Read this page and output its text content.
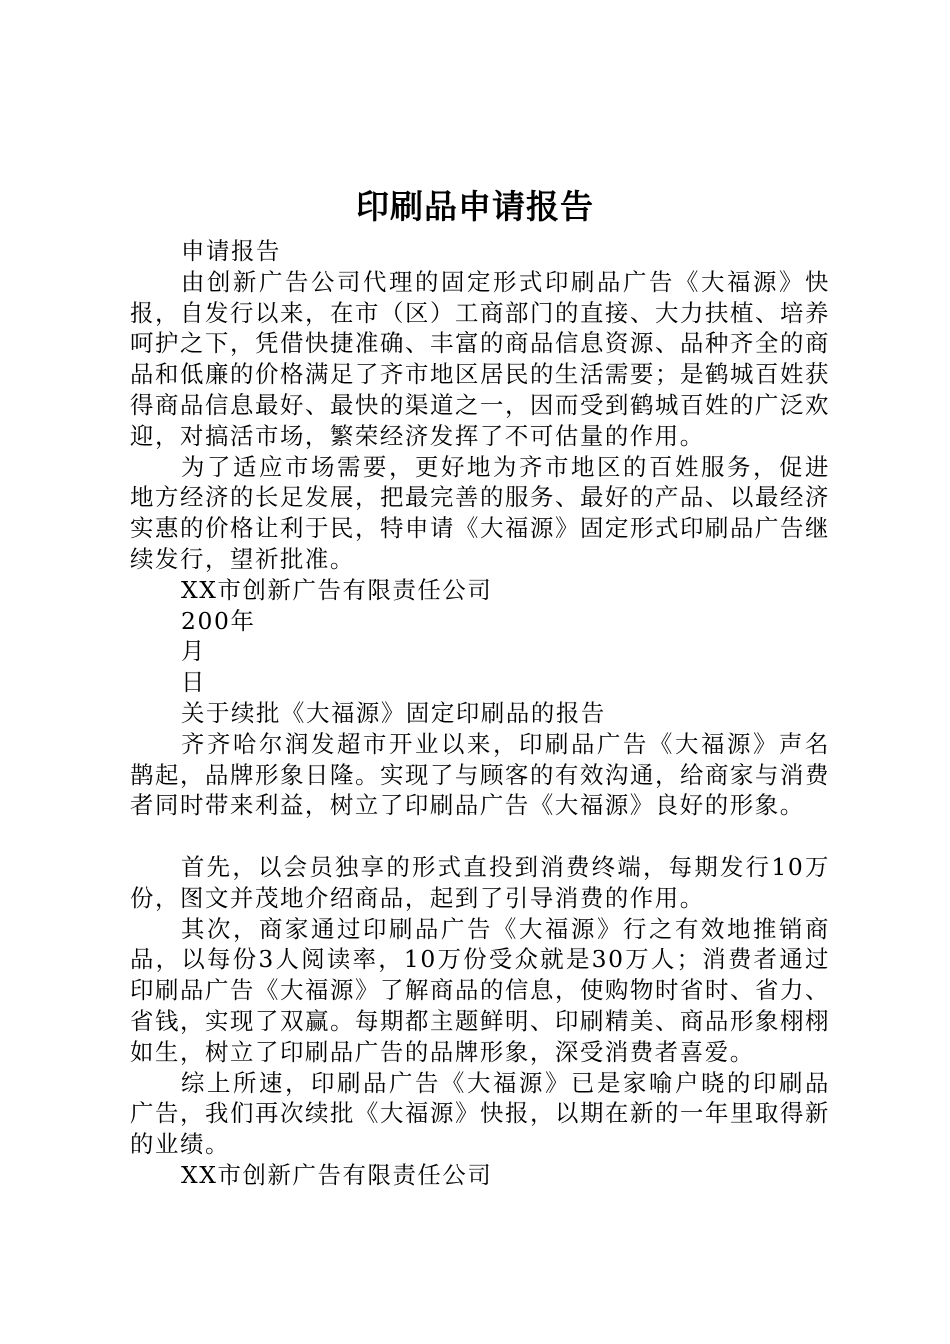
印刷品申请报告

申请报告

由创新广告公司代理的固定形式印刷品广告《大福源》快报，自发行以来，在市（区）工商部门的直接、大力扶植、培养呵护之下，凭借快捷准确、丰富的商品信息资源、品种齐全的商品和低廉的价格满足了齐市地区居民的生活需要；是鹤城百姓获得商品信息最好、最快的渠道之一，因而受到鹤城百姓的广泛欢迎，对搞活市场，繁荣经济发挥了不可估量的作用。

为了适应市场需要，更好地为齐市地区的百姓服务，促进地方经济的长足发展，把最完善的服务、最好的产品、以最经济实惠的价格让利于民，特申请《大福源》固定形式印刷品广告继续发行，望祈批准。

XX市创新广告有限责任公司

200年

月

日

关于续批《大福源》固定印刷品的报告

齐齐哈尔润发超市开业以来，印刷品广告《大福源》声名鹊起，品牌形象日隆。实现了与顾客的有效沟通，给商家与消费者同时带来利益，树立了印刷品广告《大福源》良好的形象。

首先，以会员独享的形式直投到消费终端，每期发行10万份，图文并茂地介绍商品，起到了引导消费的作用。

其次，商家通过印刷品广告《大福源》行之有效地推销商品，以每份3人阅读率，10万份受众就是30万人；消费者通过印刷品广告《大福源》了解商品的信息，使购物时省时、省力、省钱，实现了双赢。每期都主题鲜明、印刷精美、商品形象栩栩如生，树立了印刷品广告的品牌形象，深受消费者喜爱。

综上所速，印刷品广告《大福源》已是家喻户晓的印刷品广告，我们再次续批《大福源》快报，以期在新的一年里取得新的业绩。

XX市创新广告有限责任公司
